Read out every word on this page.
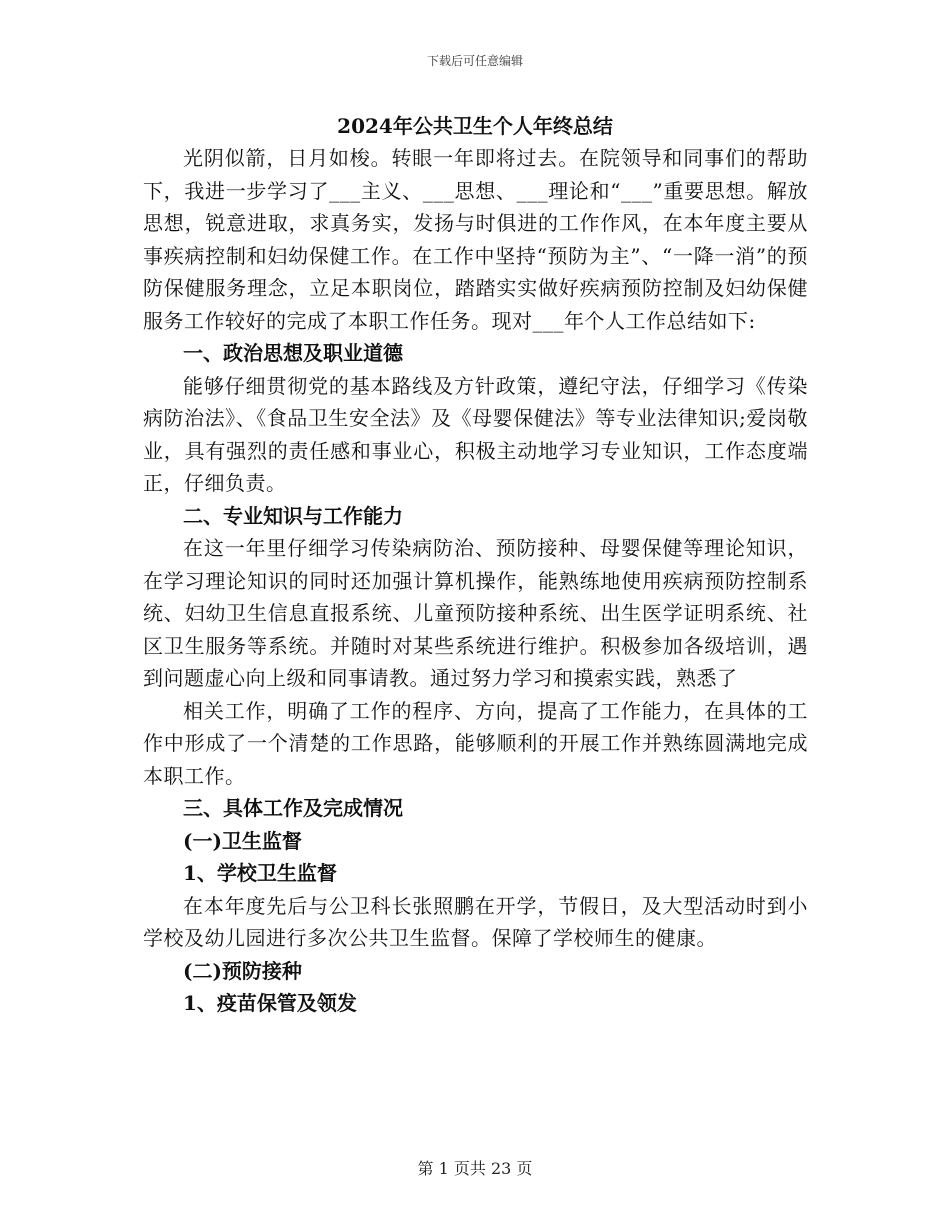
下载后可任意编辑
2024年公共卫生个人年终总结

光阴似箭，日月如梭。转眼一年即将过去。在院领导和同事们的帮助下，我进一步学习了___主义、___思想、___理论和“___”重要思想。解放思想，锐意进取，求真务实，发扬与时俱进的工作作风，在本年度主要从事疾病控制和妇幼保健工作。在工作中坚持“预防为主”、“一降一消”的预防保健服务理念，立足本职岗位，踏踏实实做好疾病预防控制及妇幼保健服务工作较好的完成了本职工作任务。现对___年个人工作总结如下:

一、政治思想及职业道德

能够仔细贯彻党的基本路线及方针政策，遵纪守法，仔细学习《传染病防治法》、《食品卫生安全法》及《母婴保健法》等专业法律知识;爱岗敬业，具有强烈的责任感和事业心，积极主动地学习专业知识，工作态度端正，仔细负责。

二、专业知识与工作能力

在这一年里仔细学习传染病防治、预防接种、母婴保健等理论知识，在学习理论知识的同时还加强计算机操作，能熟练地使用疾病预防控制系统、妇幼卫生信息直报系统、儿童预防接种系统、出生医学证明系统、社区卫生服务等系统。并随时对某些系统进行维护。积极参加各级培训，遇到问题虚心向上级和同事请教。通过努力学习和摸索实践，熟悉了

相关工作，明确了工作的程序、方向，提高了工作能力，在具体的工作中形成了一个清楚的工作思路，能够顺利的开展工作并熟练圆满地完成本职工作。

三、具体工作及完成情况

(一)卫生监督

1、学校卫生监督

在本年度先后与公卫科长张照鹏在开学，节假日，及大型活动时到小学校及幼儿园进行多次公共卫生监督。保障了学校师生的健康。

(二)预防接种

1、疫苗保管及领发

第 1 页共 23 页
